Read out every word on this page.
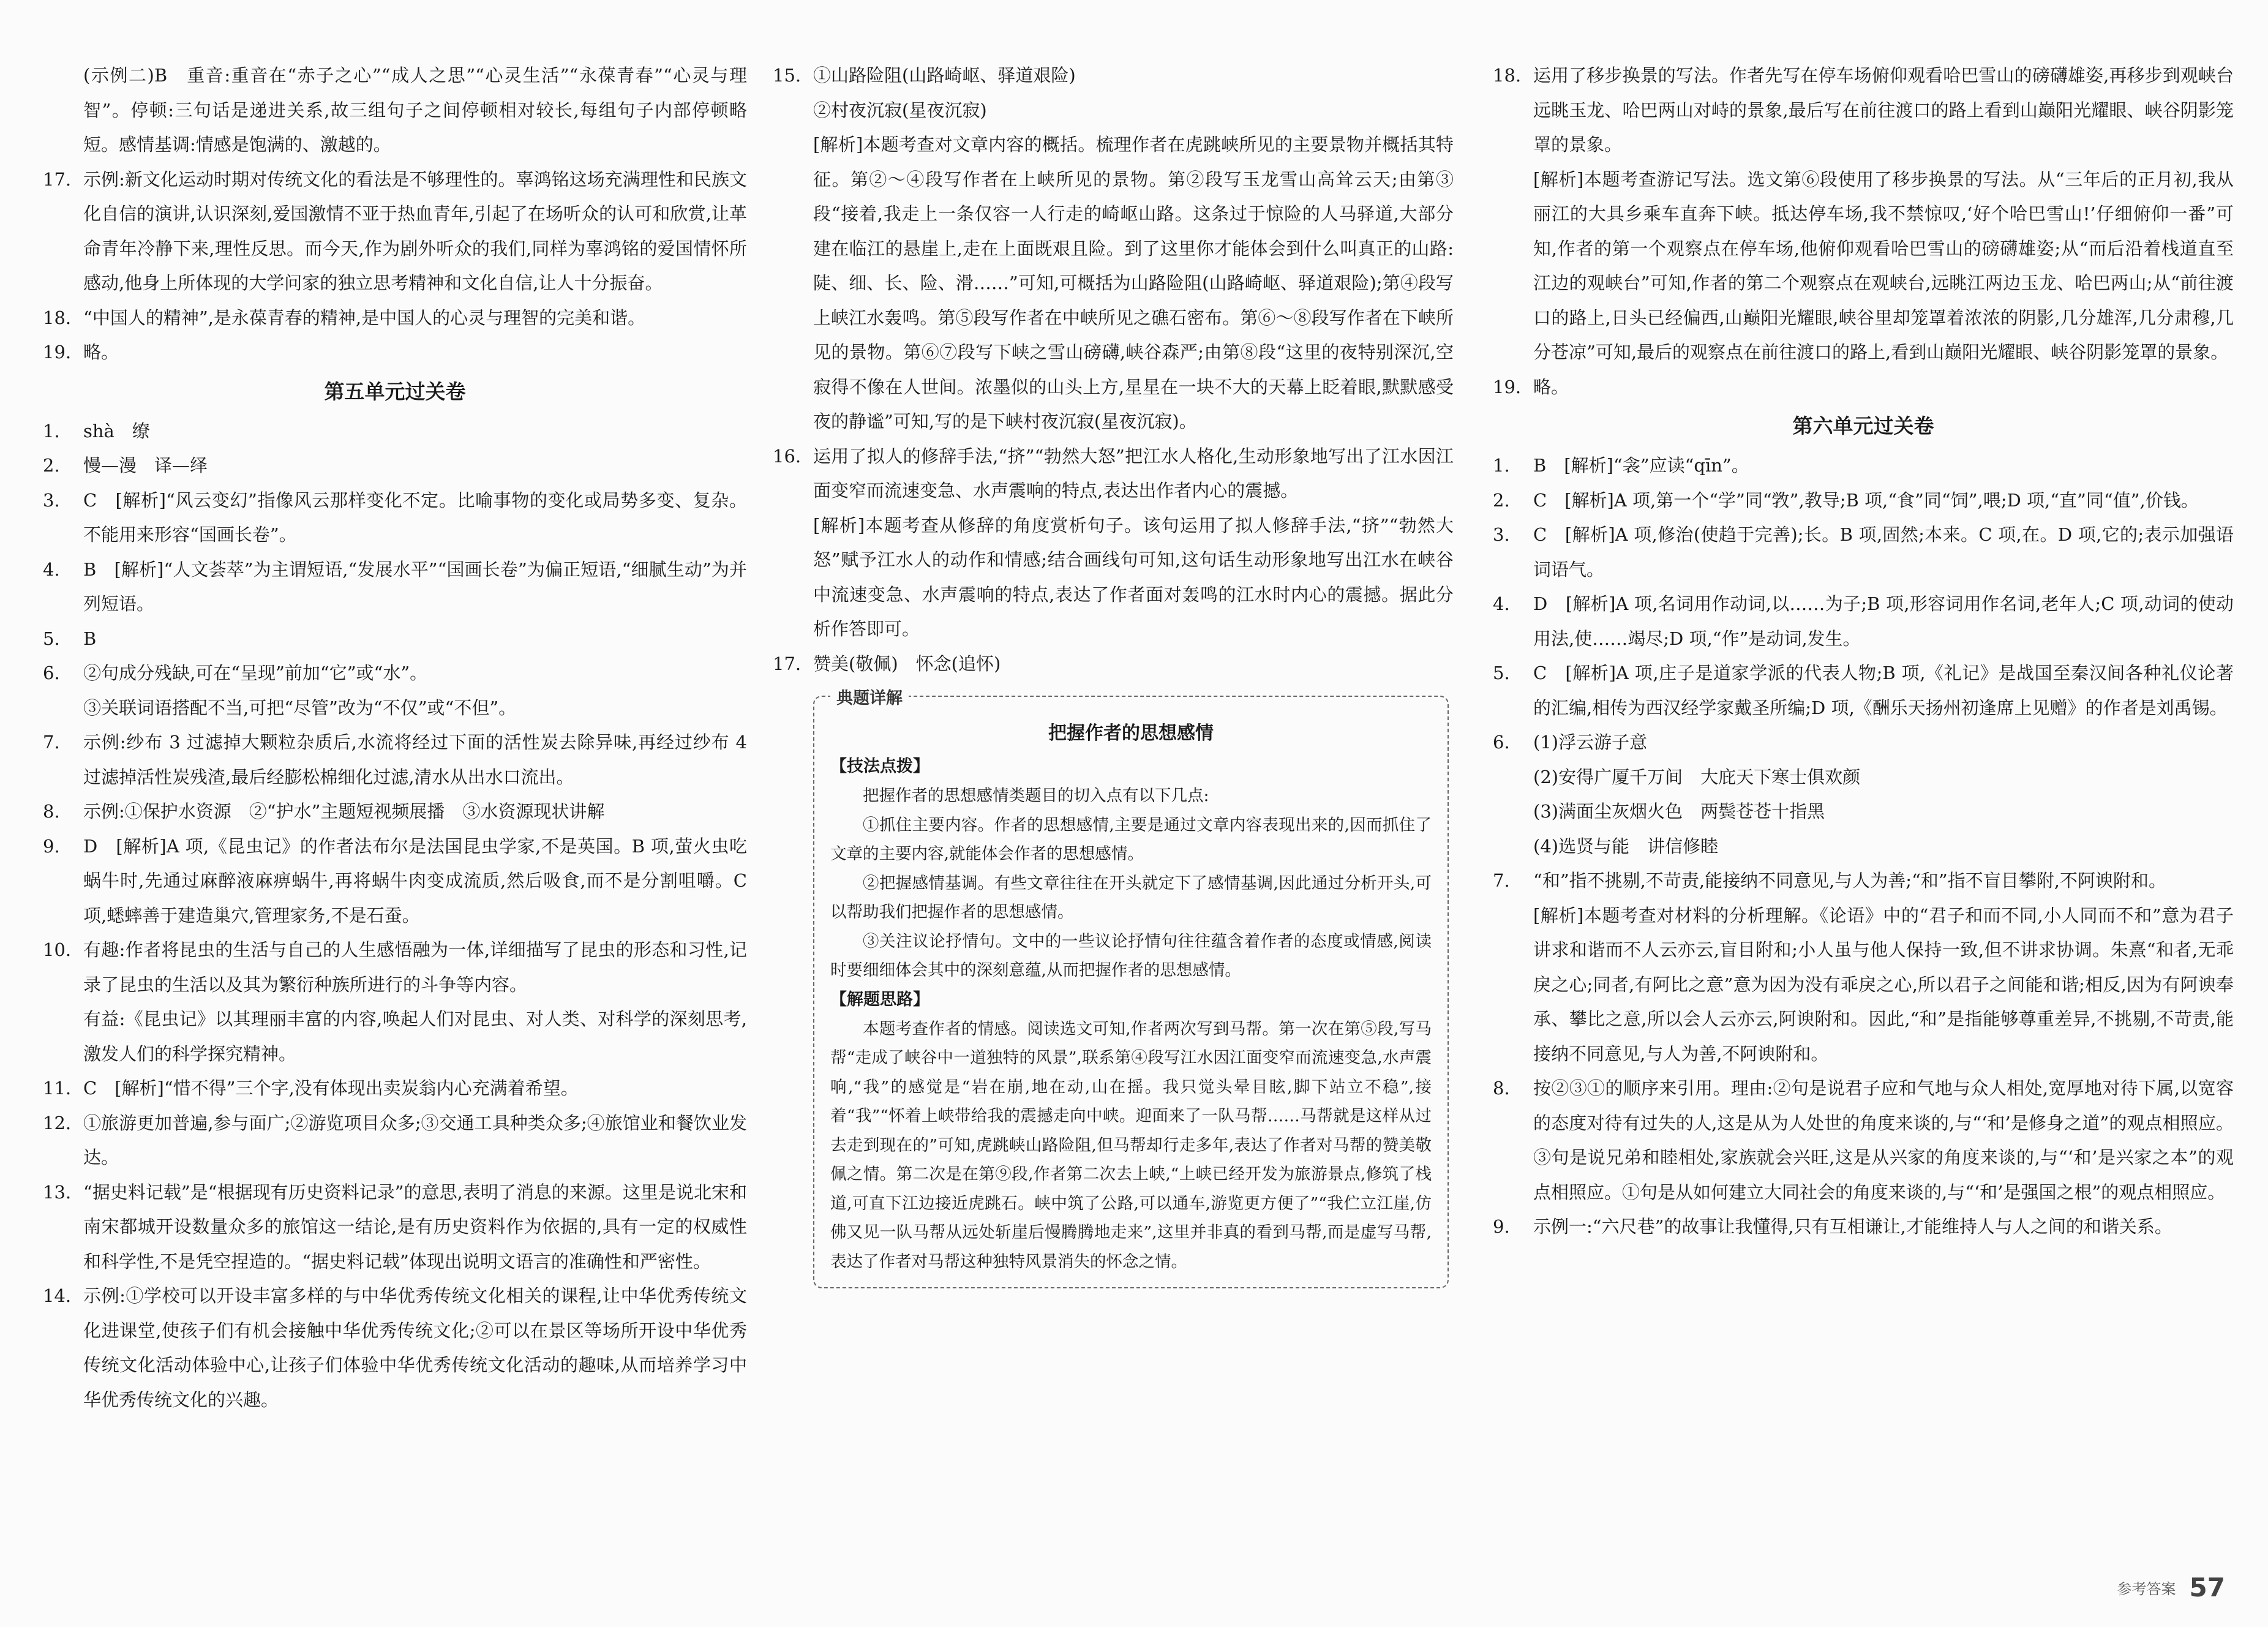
(示例二)B　重音:重音在“赤子之心”“成人之思”“心灵生活”“永葆青春”“心灵与理智”。停顿:三句话是递进关系,故三组句子之间停顿相对较长,每组句子内部停顿略短。感情基调:情感是饱满的、激越的。

17. 示例:新文化运动时期对传统文化的看法是不够理性的。辜鸿铭这场充满理性和民族文化自信的演讲,认识深刻,爱国激情不亚于热血青年,引起了在场听众的认可和欣赏,让革命青年冷静下来,理性反思。而今天,作为剧外听众的我们,同样为辜鸿铭的爱国情怀所感动,他身上所体现的大学问家的独立思考精神和文化自信,让人十分振奋。

18. “中国人的精神”,是永葆青春的精神,是中国人的心灵与理智的完美和谐。

19. 略。

第五单元过关卷
1.	shà　缭

2.	慢—漫　译—绎

3.	C　[解析]“风云变幻”指像风云那样变化不定。比喻事物的变化或局势多变、复杂。不能用来形容“国画长卷”。

4.	B　[解析]“人文荟萃”为主谓短语,“发展水平”“国画长卷”为偏正短语,“细腻生动”为并列短语。

5.	B

6.	②句成分残缺,可在“呈现”前加“它”或“水”。

③关联词语搭配不当,可把“尽管”改为“不仅”或“不但”。

7.	示例:纱布 3 过滤掉大颗粒杂质后,水流将经过下面的活性炭去除异味,再经过纱布 4 过滤掉活性炭残渣,最后经膨松棉细化过滤,清水从出水口流出。

8.	示例:①保护水资源　②“护水”主题短视频展播　③水资源现状讲解

9.	D　[解析]A 项,《昆虫记》的作者法布尔是法国昆虫学家,不是英国。B 项,萤火虫吃蜗牛时,先通过麻醉液麻痹蜗牛,再将蜗牛肉变成流质,然后吸食,而不是分割咀嚼。C 项,蟋蟀善于建造巢穴,管理家务,不是石蚕。

10. 有趣:作者将昆虫的生活与自己的人生感悟融为一体,详细描写了昆虫的形态和习性,记录了昆虫的生活以及其为繁衍种族所进行的斗争等内容。

有益:《昆虫记》以其理丽丰富的内容,唤起人们对昆虫、对人类、对科学的深刻思考,激发人们的科学探究精神。

11. C　[解析]“惜不得”三个字,没有体现出卖炭翁内心充满着希望。

12. ①旅游更加普遍,参与面广;②游览项目众多;③交通工具种类众多;④旅馆业和餐饮业发达。

13. “据史料记载”是“根据现有历史资料记录”的意思,表明了消息的来源。这里是说北宋和南宋都城开设数量众多的旅馆这一结论,是有历史资料作为依据的,具有一定的权威性和科学性,不是凭空捏造的。“据史料记载”体现出说明文语言的准确性和严密性。

14. 示例:①学校可以开设丰富多样的与中华优秀传统文化相关的课程,让中华优秀传统文化进课堂,使孩子们有机会接触中华优秀传统文化;②可以在景区等场所开设中华优秀传统文化活动体验中心,让孩子们体验中华优秀传统文化活动的趣味,从而培养学习中华优秀传统文化的兴趣。

15. ①山路险阻(山路崎岖、驿道艰险)

②村夜沉寂(星夜沉寂)

[解析]本题考查对文章内容的概括。梳理作者在虎跳峡所见的主要景物并概括其特征。第②～④段写作者在上峡所见的景物。第②段写玉龙雪山高耸云天;由第③段“接着,我走上一条仅容一人行走的崎岖山路。这条过于惊险的人马驿道,大部分建在临江的悬崖上,走在上面既艰且险。到了这里你才能体会到什么叫真正的山路:陡、细、长、险、滑……”可知,可概括为山路险阻(山路崎岖、驿道艰险);第④段写上峡江水轰鸣。第⑤段写作者在中峡所见之礁石密布。第⑥～⑧段写作者在下峡所见的景物。第⑥⑦段写下峡之雪山磅礴,峡谷森严;由第⑧段“这里的夜特别深沉,空寂得不像在人世间。浓墨似的山头上方,星星在一块不大的天幕上眨着眼,默默感受夜的静谧”可知,写的是下峡村夜沉寂(星夜沉寂)。

16. 运用了拟人的修辞手法,“挤”“勃然大怒”把江水人格化,生动形象地写出了江水因江面变窄而流速变急、水声震响的特点,表达出作者内心的震撼。

[解析]本题考查从修辞的角度赏析句子。该句运用了拟人修辞手法,“挤”“勃然大怒”赋予江水人的动作和情感;结合画线句可知,这句话生动形象地写出江水在峡谷中流速变急、水声震响的特点,表达了作者面对轰鸣的江水时内心的震撼。据此分析作答即可。

17. 赞美(敬佩)　怀念(追怀)

典题详解
把握作者的思想感情
【技法点拨】

把握作者的思想感情类题目的切入点有以下几点:

①抓住主要内容。作者的思想感情,主要是通过文章内容表现出来的,因而抓住了文章的主要内容,就能体会作者的思想感情。

②把握感情基调。有些文章往往在开头就定下了感情基调,因此通过分析开头,可以帮助我们把握作者的思想感情。

③关注议论抒情句。文中的一些议论抒情句往往蕴含着作者的态度或情感,阅读时要细细体会其中的深刻意蕴,从而把握作者的思想感情。

【解题思路】

本题考查作者的情感。阅读选文可知,作者两次写到马帮。第一次在第⑤段,写马帮“走成了峡谷中一道独特的风景”,联系第④段写江水因江面变窄而流速变急,水声震响,“我”的感觉是“岩在崩,地在动,山在摇。我只觉头晕目眩,脚下站立不稳”,接着“我”“怀着上峡带给我的震撼走向中峡。迎面来了一队马帮……马帮就是这样从过去走到现在的”可知,虎跳峡山路险阻,但马帮却行走多年,表达了作者对马帮的赞美敬佩之情。第二次是在第⑨段,作者第二次去上峡,“上峡已经开发为旅游景点,修筑了栈道,可直下江边接近虎跳石。峡中筑了公路,可以通车,游览更方便了”“我伫立江崖,仿佛又见一队马帮从远处斩崖后慢腾腾地走来”,这里并非真的看到马帮,而是虚写马帮,表达了作者对马帮这种独特风景消失的怀念之情。

18. 运用了移步换景的写法。作者先写在停车场俯仰观看哈巴雪山的磅礴雄姿,再移步到观峡台远眺玉龙、哈巴两山对峙的景象,最后写在前往渡口的路上看到山巅阳光耀眼、峡谷阴影笼罩的景象。

[解析]本题考查游记写法。选文第⑥段使用了移步换景的写法。从“三年后的正月初,我从丽江的大具乡乘车直奔下峡。抵达停车场,我不禁惊叹,‘好个哈巴雪山!’仔细俯仰一番”可知,作者的第一个观察点在停车场,他俯仰观看哈巴雪山的磅礴雄姿;从“而后沿着栈道直至江边的观峡台”可知,作者的第二个观察点在观峡台,远眺江两边玉龙、哈巴两山;从“前往渡口的路上,日头已经偏西,山巅阳光耀眼,峡谷里却笼罩着浓浓的阴影,几分雄浑,几分肃穆,几分苍凉”可知,最后的观察点在前往渡口的路上,看到山巅阳光耀眼、峡谷阴影笼罩的景象。

19. 略。

第六单元过关卷
1.	B　[解析]“衾”应读“qīn”。

2.	C　[解析]A 项,第一个“学”同“敩”,教导;B 项,“食”同“饲”,喂;D 项,“直”同“值”,价钱。

3.	C　[解析]A 项,修治(使趋于完善);长。B 项,固然;本来。C 项,在。D 项,它的;表示加强语词语气。

4.	D　[解析]A 项,名词用作动词,以……为子;B 项,形容词用作名词,老年人;C 项,动词的使动用法,使……竭尽;D 项,“作”是动词,发生。

5.	C　[解析]A 项,庄子是道家学派的代表人物;B 项,《礼记》是战国至秦汉间各种礼仪论著的汇编,相传为西汉经学家戴圣所编;D 项,《酬乐天扬州初逢席上见赠》的作者是刘禹锡。

6.	(1)浮云游子意

(2)安得广厦千万间　大庇天下寒士俱欢颜

(3)满面尘灰烟火色　两鬓苍苍十指黑

(4)选贤与能　讲信修睦

7.	“和”指不挑剔,不苛责,能接纳不同意见,与人为善;“和”指不盲目攀附,不阿谀附和。

[解析]本题考查对材料的分析理解。《论语》中的“君子和而不同,小人同而不和”意为君子讲求和谐而不人云亦云,盲目附和;小人虽与他人保持一致,但不讲求协调。朱熹“和者,无乖戾之心;同者,有阿比之意”意为因为没有乖戾之心,所以君子之间能和谐;相反,因为有阿谀奉承、攀比之意,所以会人云亦云,阿谀附和。因此,“和”是指能够尊重差异,不挑剔,不苛责,能接纳不同意见,与人为善,不阿谀附和。

8.	按②③①的顺序来引用。理由:②句是说君子应和气地与众人相处,宽厚地对待下属,以宽容的态度对待有过失的人,这是从为人处世的角度来谈的,与“‘和’是修身之道”的观点相照应。③句是说兄弟和睦相处,家族就会兴旺,这是从兴家的角度来谈的,与“‘和’是兴家之本”的观点相照应。①句是从如何建立大同社会的角度来谈的,与“‘和’是强国之根”的观点相照应。

9.	示例一:“六尺巷”的故事让我懂得,只有互相谦让,才能维持人与人之间的和谐关系。

参考答案 57
